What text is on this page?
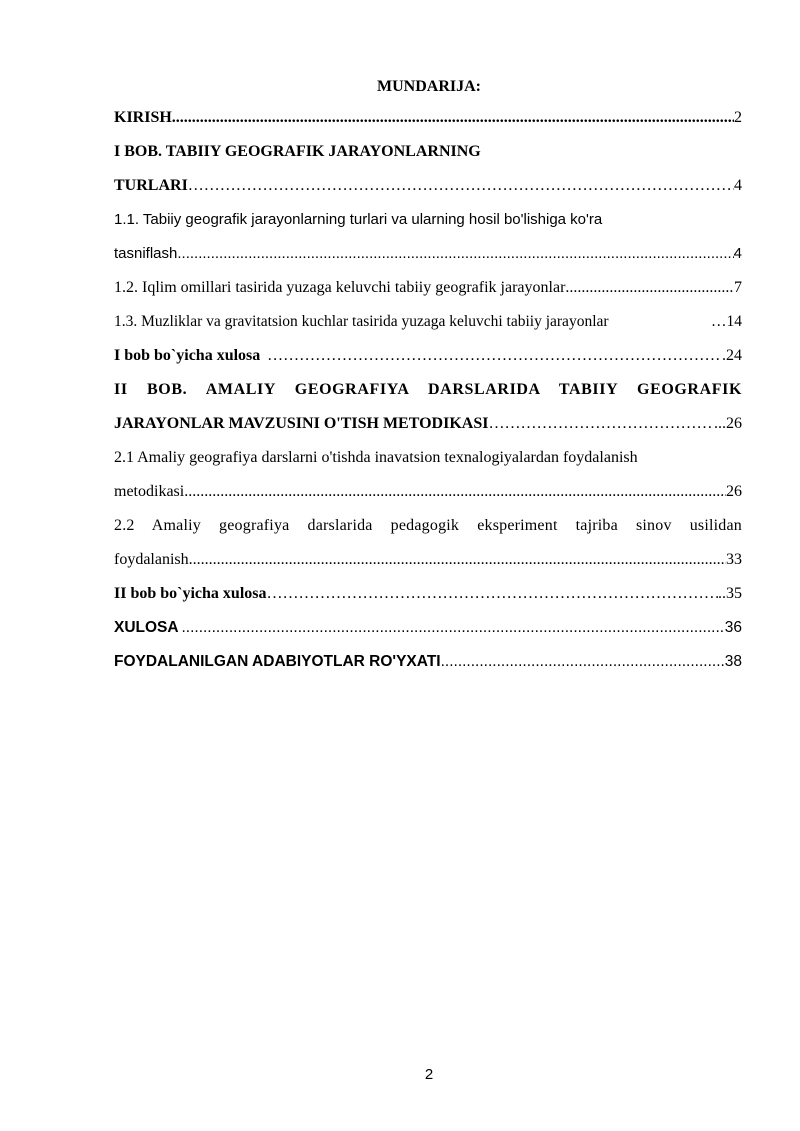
MUNDARIJA:
KIRISH .....	2
I BOB. TABIIY GEOGRAFIK JARAYONLARNING
TURLARI …………………………………………………………………………………………………………………………………………………………	4
1.1. Tabiiy geografik jarayonlarning turlari va ularning hosil bo'lishiga ko'ra
tasniflash .....	4
1.2. Iqlim omillari tasirida yuzaga keluvchi tabiiy geografik jarayonlar .....	7
1.3. Muzliklar va gravitatsion kuchlar tasirida yuzaga keluvchi tabiiy jarayonlar	…14
I bob bo`yicha xulosa …………………………………………………………………………………………………………………………………………………………	.24
II BOB. AMALIY GEOGRAFIYA DARSLARIDA TABIIY GEOGRAFIK
JARAYONLAR MAVZUSINI O'TISH METODIKASI …………………………………………………………………………………………………………………………………………………………	...26
2.1 Amaliy geografiya darslarni o'tishda inavatsion texnalogiyalardan foydalanish
metodikasi .....	26
2.2 Amaliy geografiya darslarida pedagogik eksperiment tajriba sinov usilidan
foydalanish .....	33
II bob bo`yicha xulosa …………………………………………………………………………………………………………………………………………………………	..35
XULOSA .....	36
FOYDALANILGAN ADABIYOTLAR RO'YXATI .....	38
2
